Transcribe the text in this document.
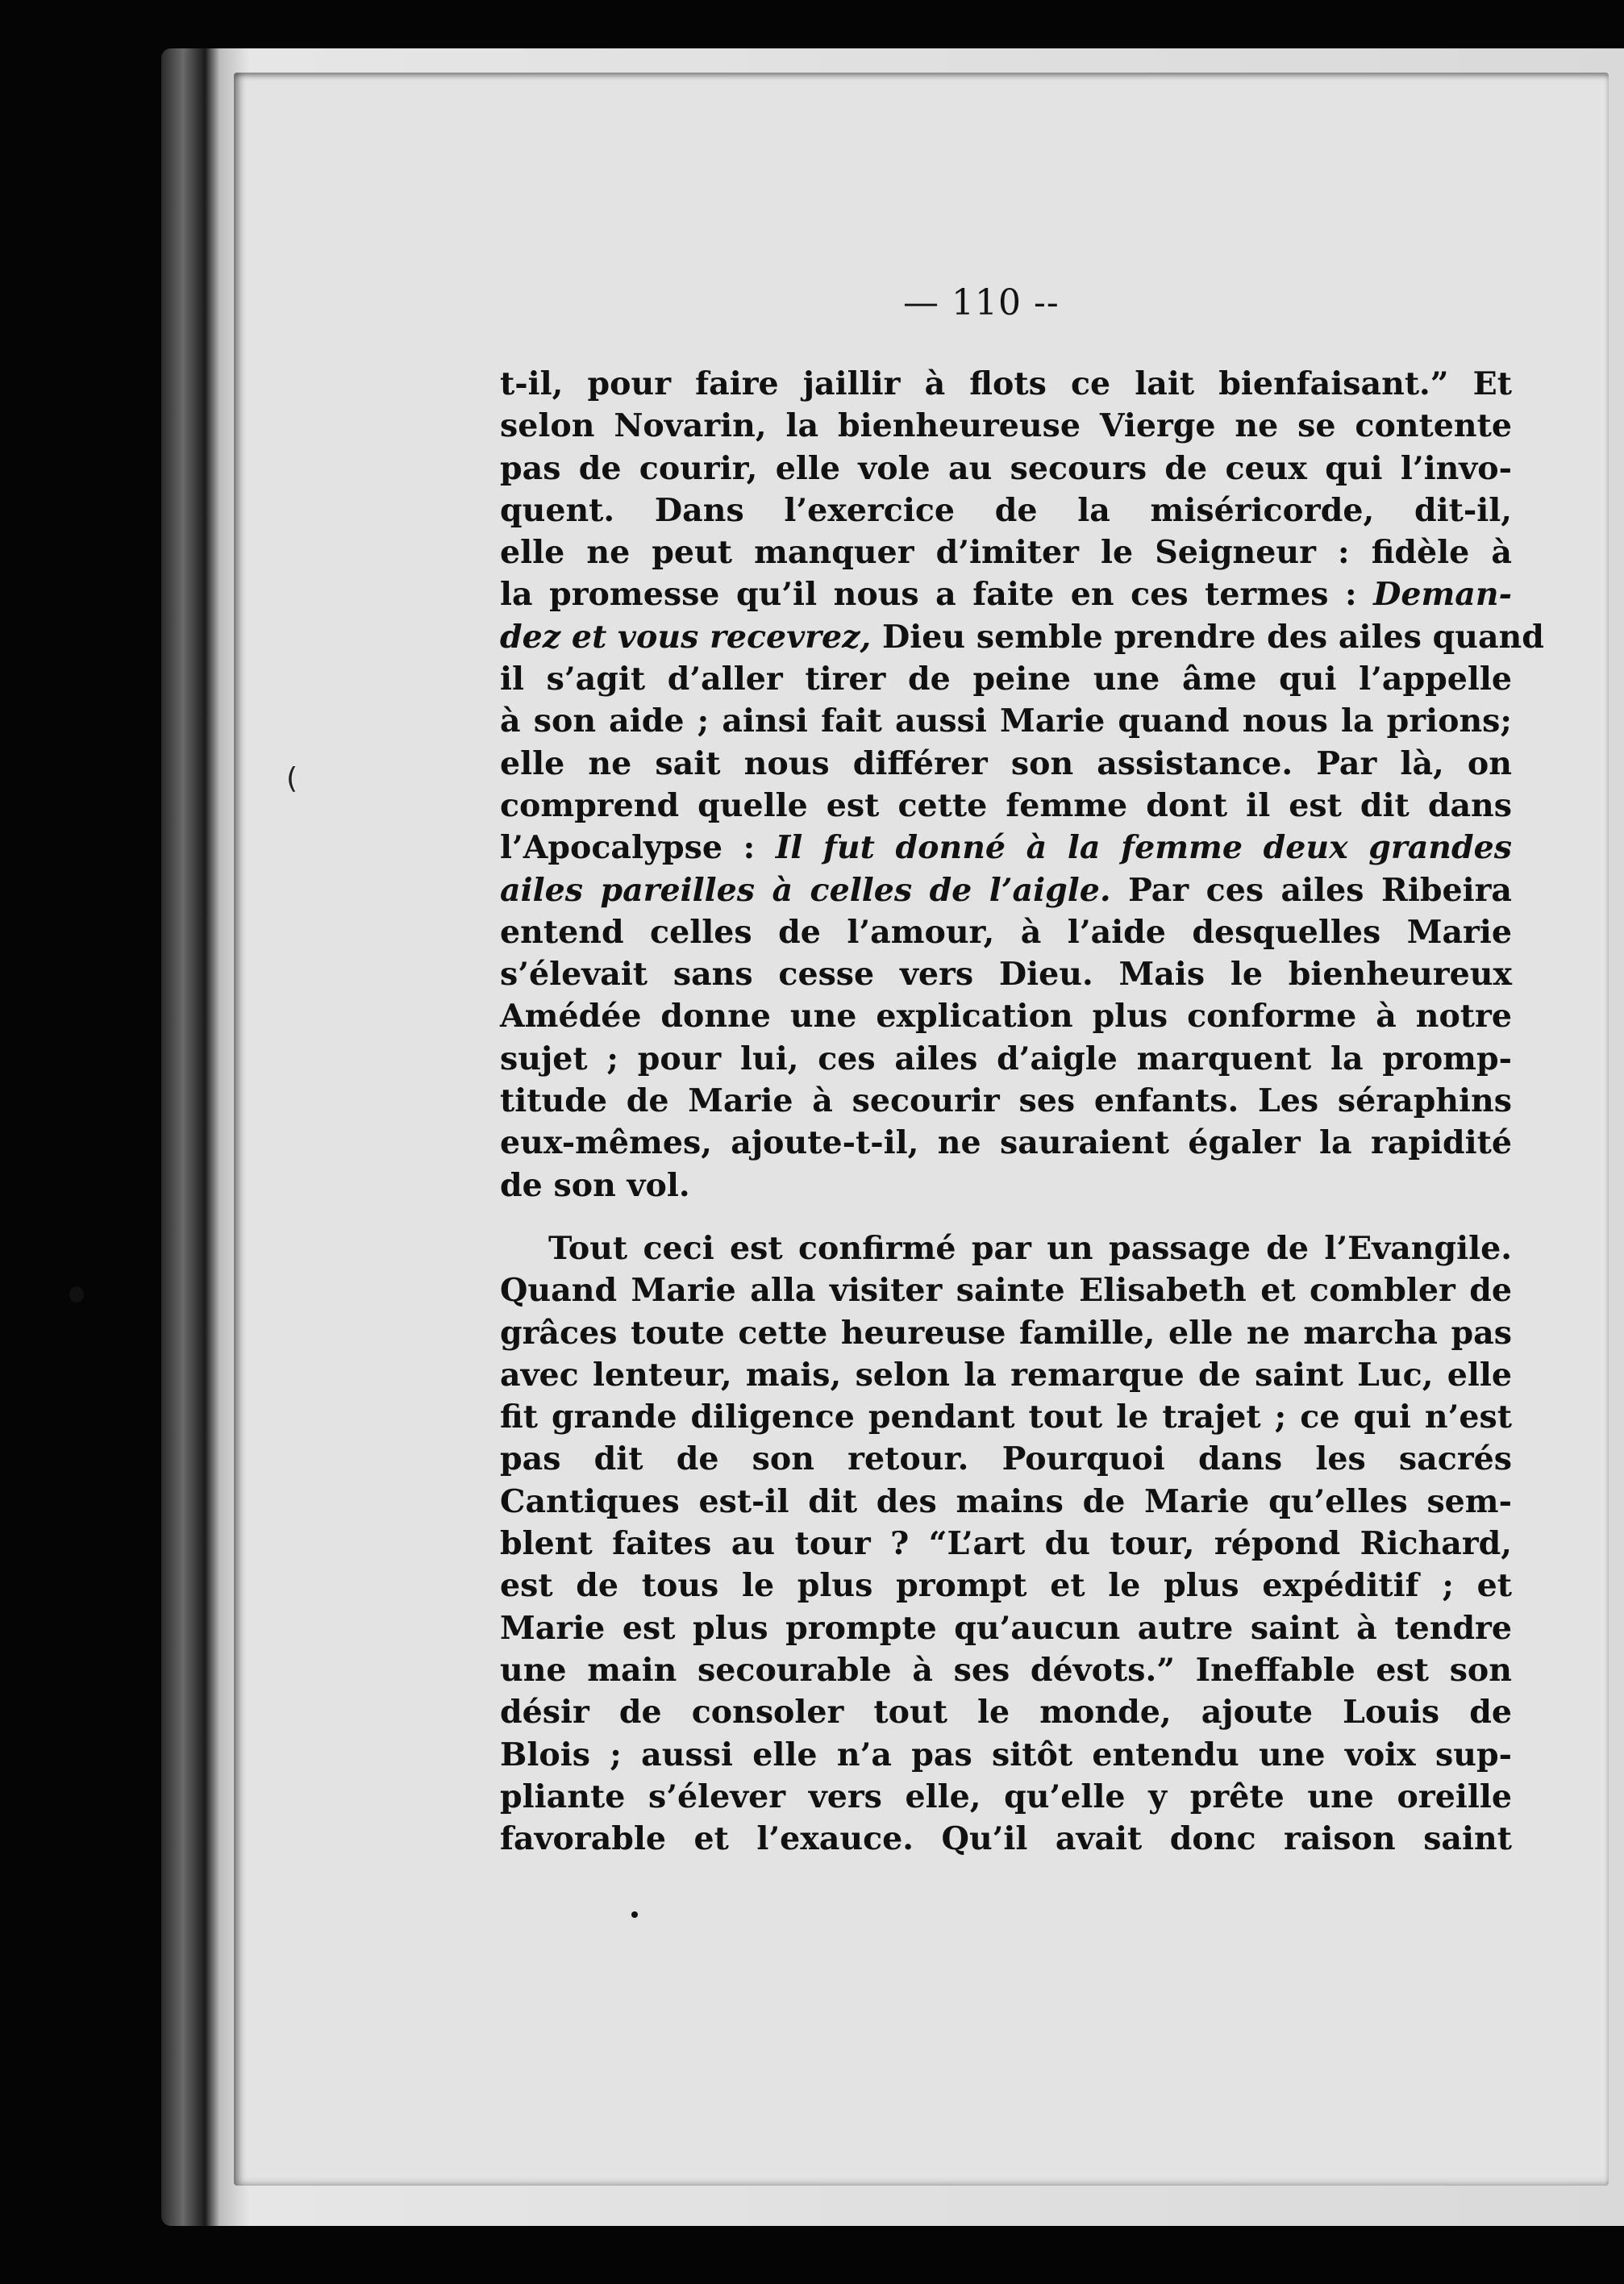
(
— 110 --
t-il, pour faire jaillir à flots ce lait bienfaisant.” Et
selon Novarin, la bienheureuse Vierge ne se contente
pas de courir, elle vole au secours de ceux qui l’invo-
quent. Dans l’exercice de la miséricorde, dit-il,
elle ne peut manquer d’imiter le Seigneur : fidèle à
la promesse qu’il nous a faite en ces termes : Deman-
dez et vous recevrez, Dieu semble prendre des ailes quand
il s’agit d’aller tirer de peine une âme qui l’appelle
à son aide ; ainsi fait aussi Marie quand nous la prions;
elle ne sait nous différer son assistance. Par là, on
comprend quelle est cette femme dont il est dit dans
l’Apocalypse : Il fut donné à la femme deux grandes
ailes pareilles à celles de l’aigle. Par ces ailes Ribeira
entend celles de l’amour, à l’aide desquelles Marie
s’élevait sans cesse vers Dieu. Mais le bienheureux
Amédée donne une explication plus conforme à notre
sujet ; pour lui, ces ailes d’aigle marquent la promp-
titude de Marie à secourir ses enfants. Les séraphins
eux-mêmes, ajoute-t-il, ne sauraient égaler la rapidité
de son vol.
Tout ceci est confirmé par un passage de l’Evangile.
Quand Marie alla visiter sainte Elisabeth et combler de
grâces toute cette heureuse famille, elle ne marcha pas
avec lenteur, mais, selon la remarque de saint Luc, elle
fit grande diligence pendant tout le trajet ; ce qui n’est
pas dit de son retour. Pourquoi dans les sacrés
Cantiques est-il dit des mains de Marie qu’elles sem-
blent faites au tour ? “L’art du tour, répond Richard,
est de tous le plus prompt et le plus expéditif ; et
Marie est plus prompte qu’aucun autre saint à tendre
une main secourable à ses dévots.” Ineffable est son
désir de consoler tout le monde, ajoute Louis de
Blois ; aussi elle n’a pas sitôt entendu une voix sup-
pliante s’élever vers elle, qu’elle y prête une oreille
favorable et l’exauce. Qu’il avait donc raison saint
